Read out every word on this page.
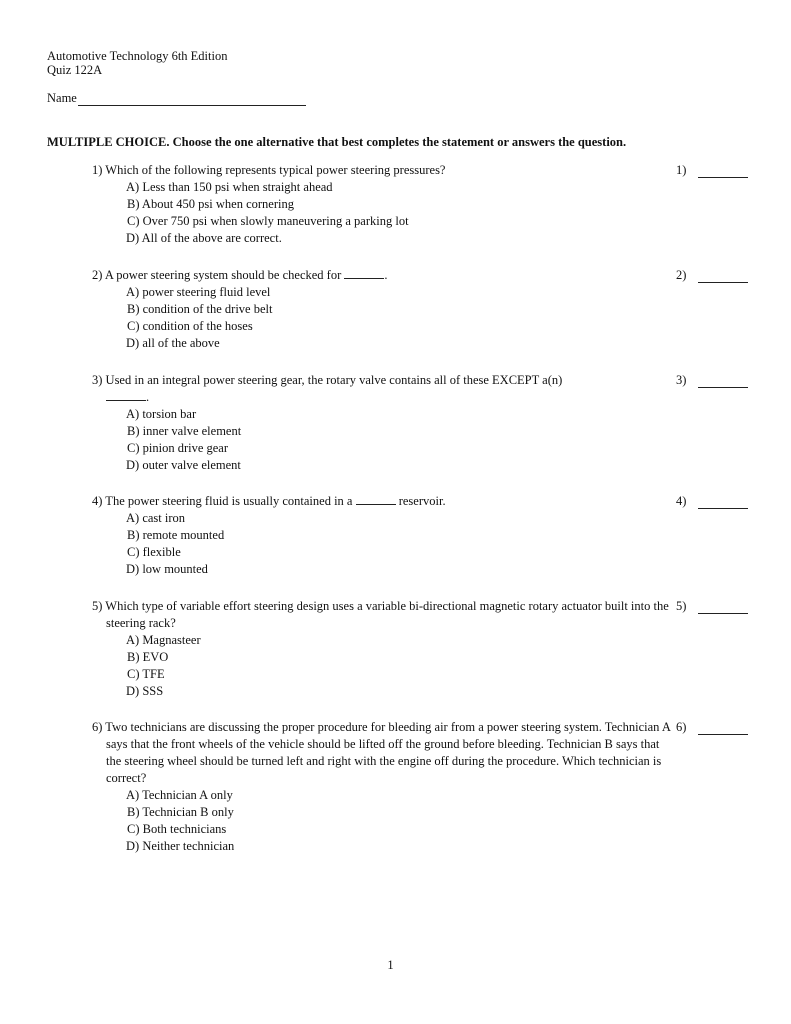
Automotive Technology 6th Edition
Quiz 122A
Name
MULTIPLE CHOICE. Choose the one alternative that best completes the statement or answers the question.
1) Which of the following represents typical power steering pressures?
A) Less than 150 psi when straight ahead
B) About 450 psi when cornering
C) Over 750 psi when slowly maneuvering a parking lot
D) All of the above are correct.
1)
2) A power steering system should be checked for	.
A) power steering fluid level
B) condition of the drive belt
C) condition of the hoses
D) all of the above
2)
3) Used in an integral power steering gear, the rotary valve contains all of these EXCEPT a(n)
.
A) torsion bar
B) inner valve element
C) pinion drive gear
D) outer valve element
3)
4) The power steering fluid is usually contained in a	reservoir.
A) cast iron
B) remote mounted
C) flexible
D) low mounted
4)
5) Which type of variable effort steering design uses a variable bi-directional magnetic rotary actuator built into the steering rack?
A) Magnasteer
B) EVO
C) TFE
D) SSS
5)
6) Two technicians are discussing the proper procedure for bleeding air from a power steering system. Technician A says that the front wheels of the vehicle should be lifted off the ground before bleeding. Technician B says that the steering wheel should be turned left and right with the engine off during the procedure. Which technician is correct?
A) Technician A only
B) Technician B only
C) Both technicians
D) Neither technician
6)
1
